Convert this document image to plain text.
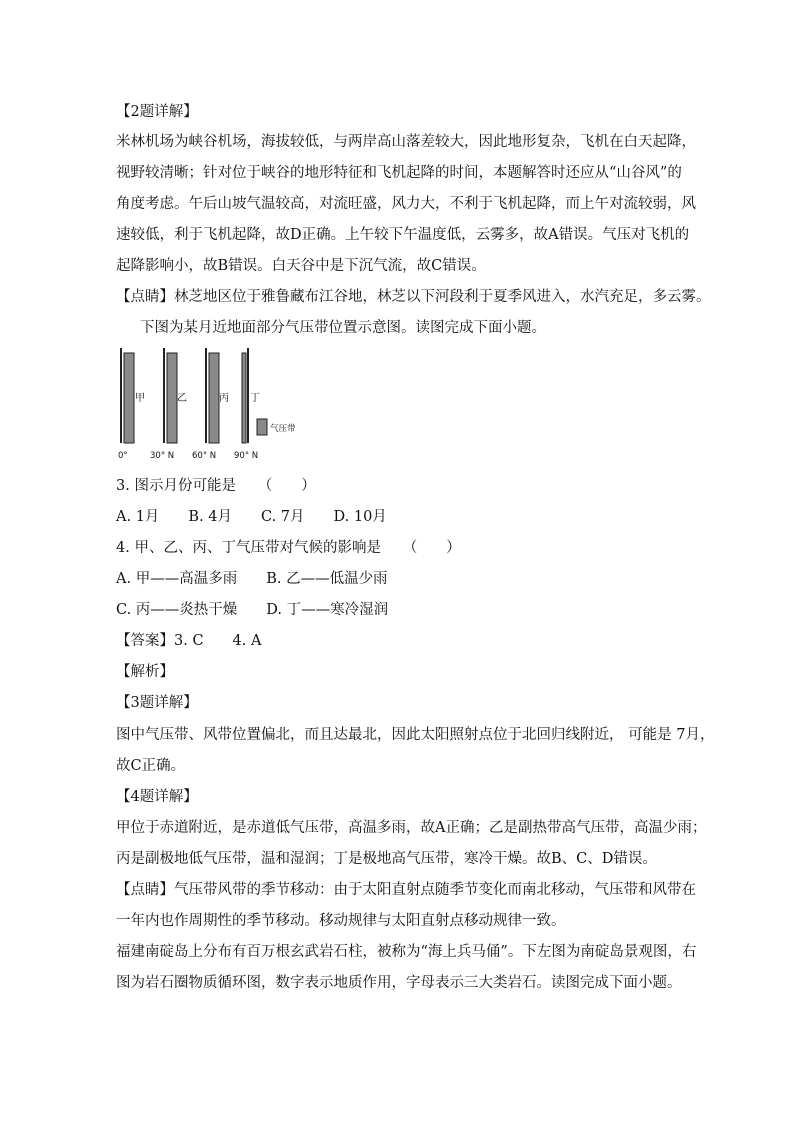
【2题详解】
米林机场为峡谷机场，海拔较低，与两岸高山落差较大，因此地形复杂，飞机在白天起降，
视野较清晰；针对位于峡谷的地形特征和飞机起降的时间，本题解答时还应从“山谷风”的
角度考虑。午后山坡气温较高，对流旺盛，风力大，不利于飞机起降，而上午对流较弱，风
速较低，利于飞机起降，故D正确。上午较下午温度低，云雾多，故A错误。气压对飞机的
起降影响小，故B错误。白天谷中是下沉气流，故C错误。
【点睛】林芝地区位于雅鲁藏布江谷地，林芝以下河段利于夏季风进入，水汽充足，多云雾。
下图为某月近地面部分气压带位置示意图。读图完成下面小题。
甲	乙	丙 丁
气压带
0°	30° N 60° N 90° N
3. 图示月份可能是　　（　　）
A. 1月　　B. 4月　　C. 7月　　D. 10月
4. 甲、乙、丙、丁气压带对气候的影响是　　（　　）
A. 甲——高温多雨　　B. 乙——低温少雨
C. 丙——炎热干燥　　D. 丁——寒冷湿润
【答案】3. C　　4. A
【解析】
【3题详解】
图中气压带、风带位置偏北，而且达最北，因此太阳照射点位于北回归线附近， 可能是 7月，
故C正确。
【4题详解】
甲位于赤道附近，是赤道低气压带，高温多雨，故A正确；乙是副热带高气压带，高温少雨；
丙是副极地低气压带，温和湿润；丁是极地高气压带，寒冷干燥。故B、C、D错误。
【点睛】气压带风带的季节移动：由于太阳直射点随季节变化而南北移动，气压带和风带在
一年内也作周期性的季节移动。移动规律与太阳直射点移动规律一致。
福建南碇岛上分布有百万根玄武岩石柱，被称为“海上兵马俑”。下左图为南碇岛景观图，右
图为岩石圈物质循环图，数字表示地质作用，字母表示三大类岩石。读图完成下面小题。
